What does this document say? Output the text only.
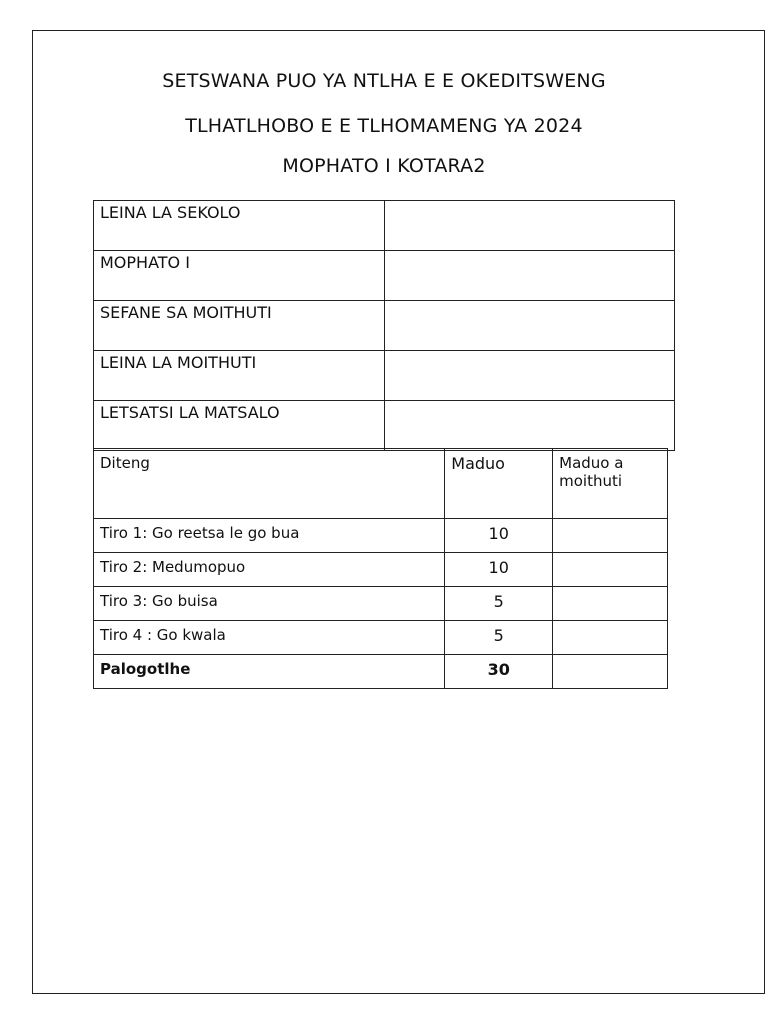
SETSWANA PUO YA NTLHA E E OKEDITSWENG
TLHATLHOBO E E TLHOMAMENG YA 2024
MOPHATO I KOTARA2
LEINA LA SEKOLO	
MOPHATO I	
SEFANE SA MOITHUTI	
LEINA LA MOITHUTI	
LETSATSI LA MATSALO	
Diteng	Maduo	Maduo a moithuti
Tiro 1: Go reetsa le go bua	10	
Tiro 2: Medumopuo	10	
Tiro 3: Go buisa	5	
Tiro 4 : Go kwala	5	
Palogotlhe	30	
